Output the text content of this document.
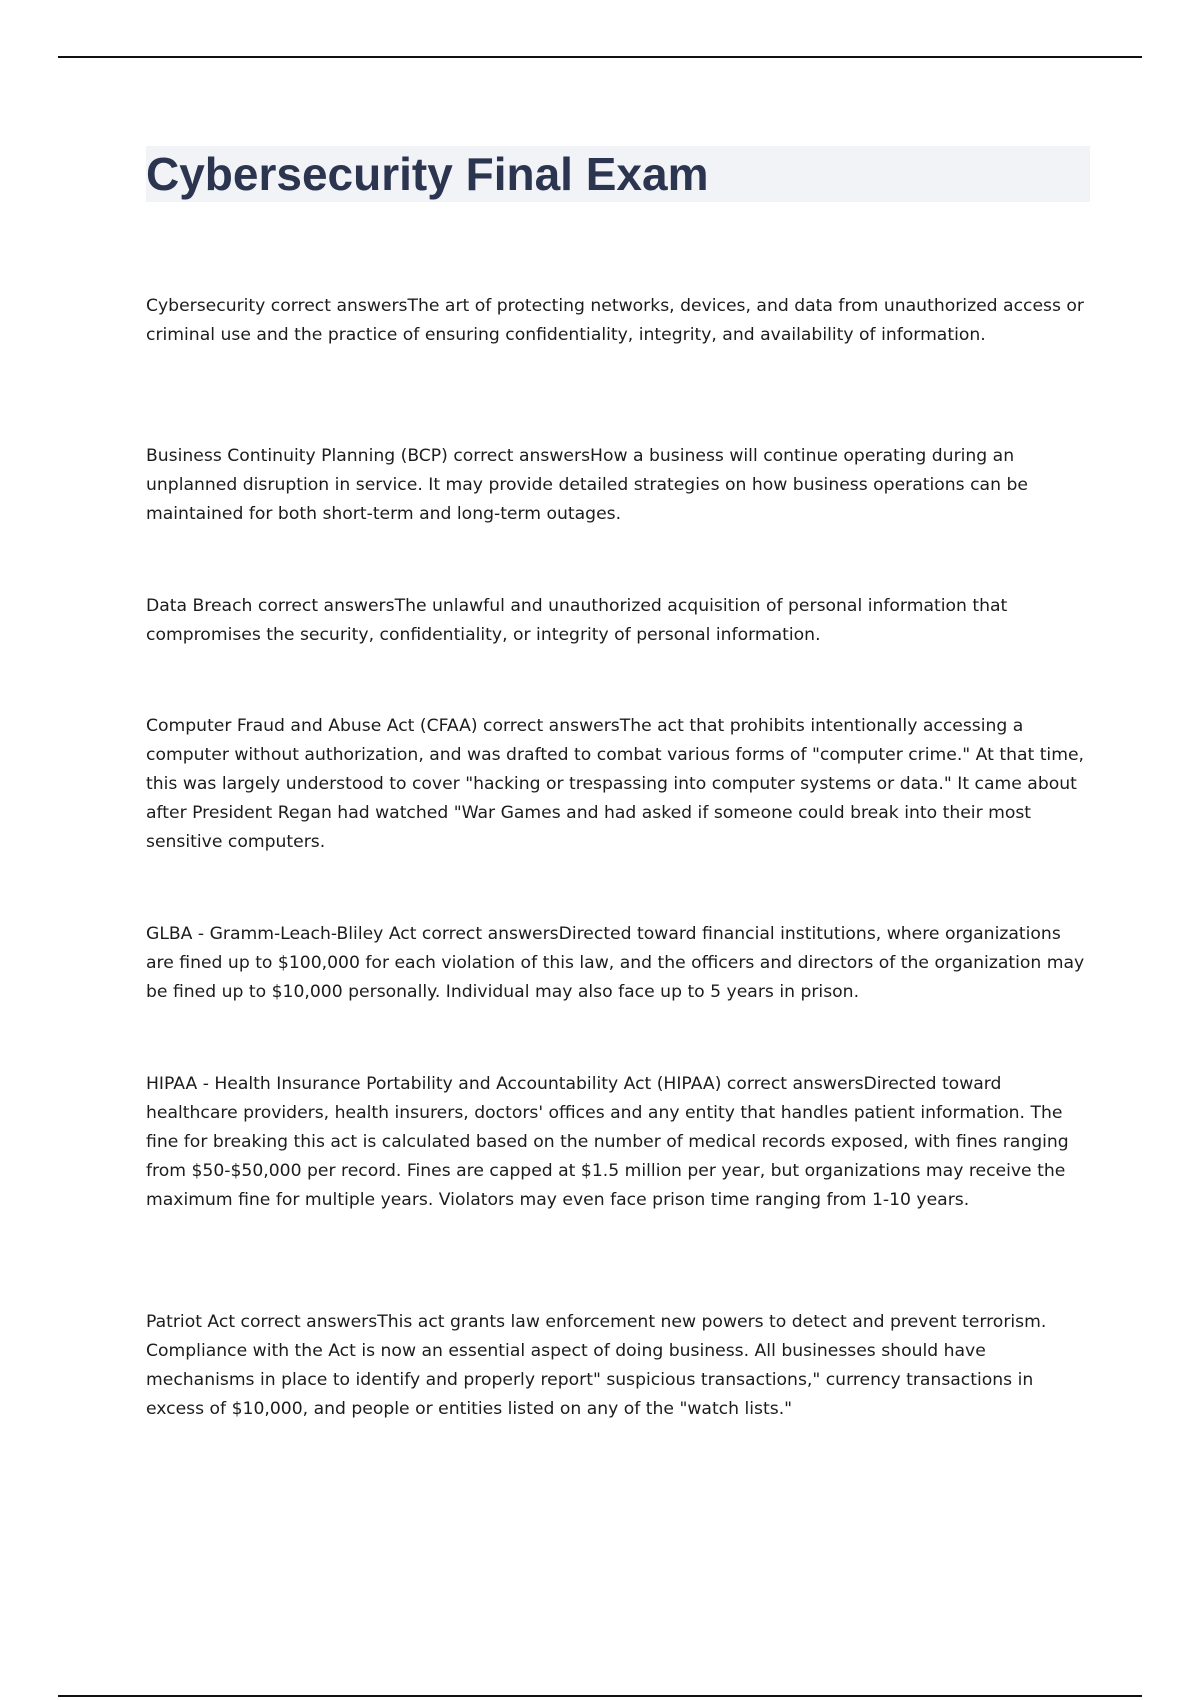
Cybersecurity Final Exam

Cybersecurity correct answersThe art of protecting networks, devices, and data from unauthorized access or criminal use and the practice of ensuring confidentiality, integrity, and availability of information.

Business Continuity Planning (BCP) correct answersHow a business will continue operating during an unplanned disruption in service. It may provide detailed strategies on how business operations can be maintained for both short-term and long-term outages.

Data Breach correct answersThe unlawful and unauthorized acquisition of personal information that compromises the security, confidentiality, or integrity of personal information.

Computer Fraud and Abuse Act (CFAA) correct answersThe act that prohibits intentionally accessing a computer without authorization, and was drafted to combat various forms of "computer crime." At that time, this was largely understood to cover "hacking or trespassing into computer systems or data." It came about after President Regan had watched "War Games and had asked if someone could break into their most sensitive computers.

GLBA - Gramm-Leach-Bliley Act correct answersDirected toward financial institutions, where organizations are fined up to $100,000 for each violation of this law, and the officers and directors of the organization may be fined up to $10,000 personally. Individual may also face up to 5 years in prison.

HIPAA - Health Insurance Portability and Accountability Act (HIPAA) correct answersDirected toward healthcare providers, health insurers, doctors' offices and any entity that handles patient information. The fine for breaking this act is calculated based on the number of medical records exposed, with fines ranging from $50-$50,000 per record. Fines are capped at $1.5 million per year, but organizations may receive the maximum fine for multiple years. Violators may even face prison time ranging from 1-10 years.

Patriot Act correct answersThis act grants law enforcement new powers to detect and prevent terrorism. Compliance with the Act is now an essential aspect of doing business. All businesses should have mechanisms in place to identify and properly report" suspicious transactions," currency transactions in excess of $10,000, and people or entities listed on any of the "watch lists."
